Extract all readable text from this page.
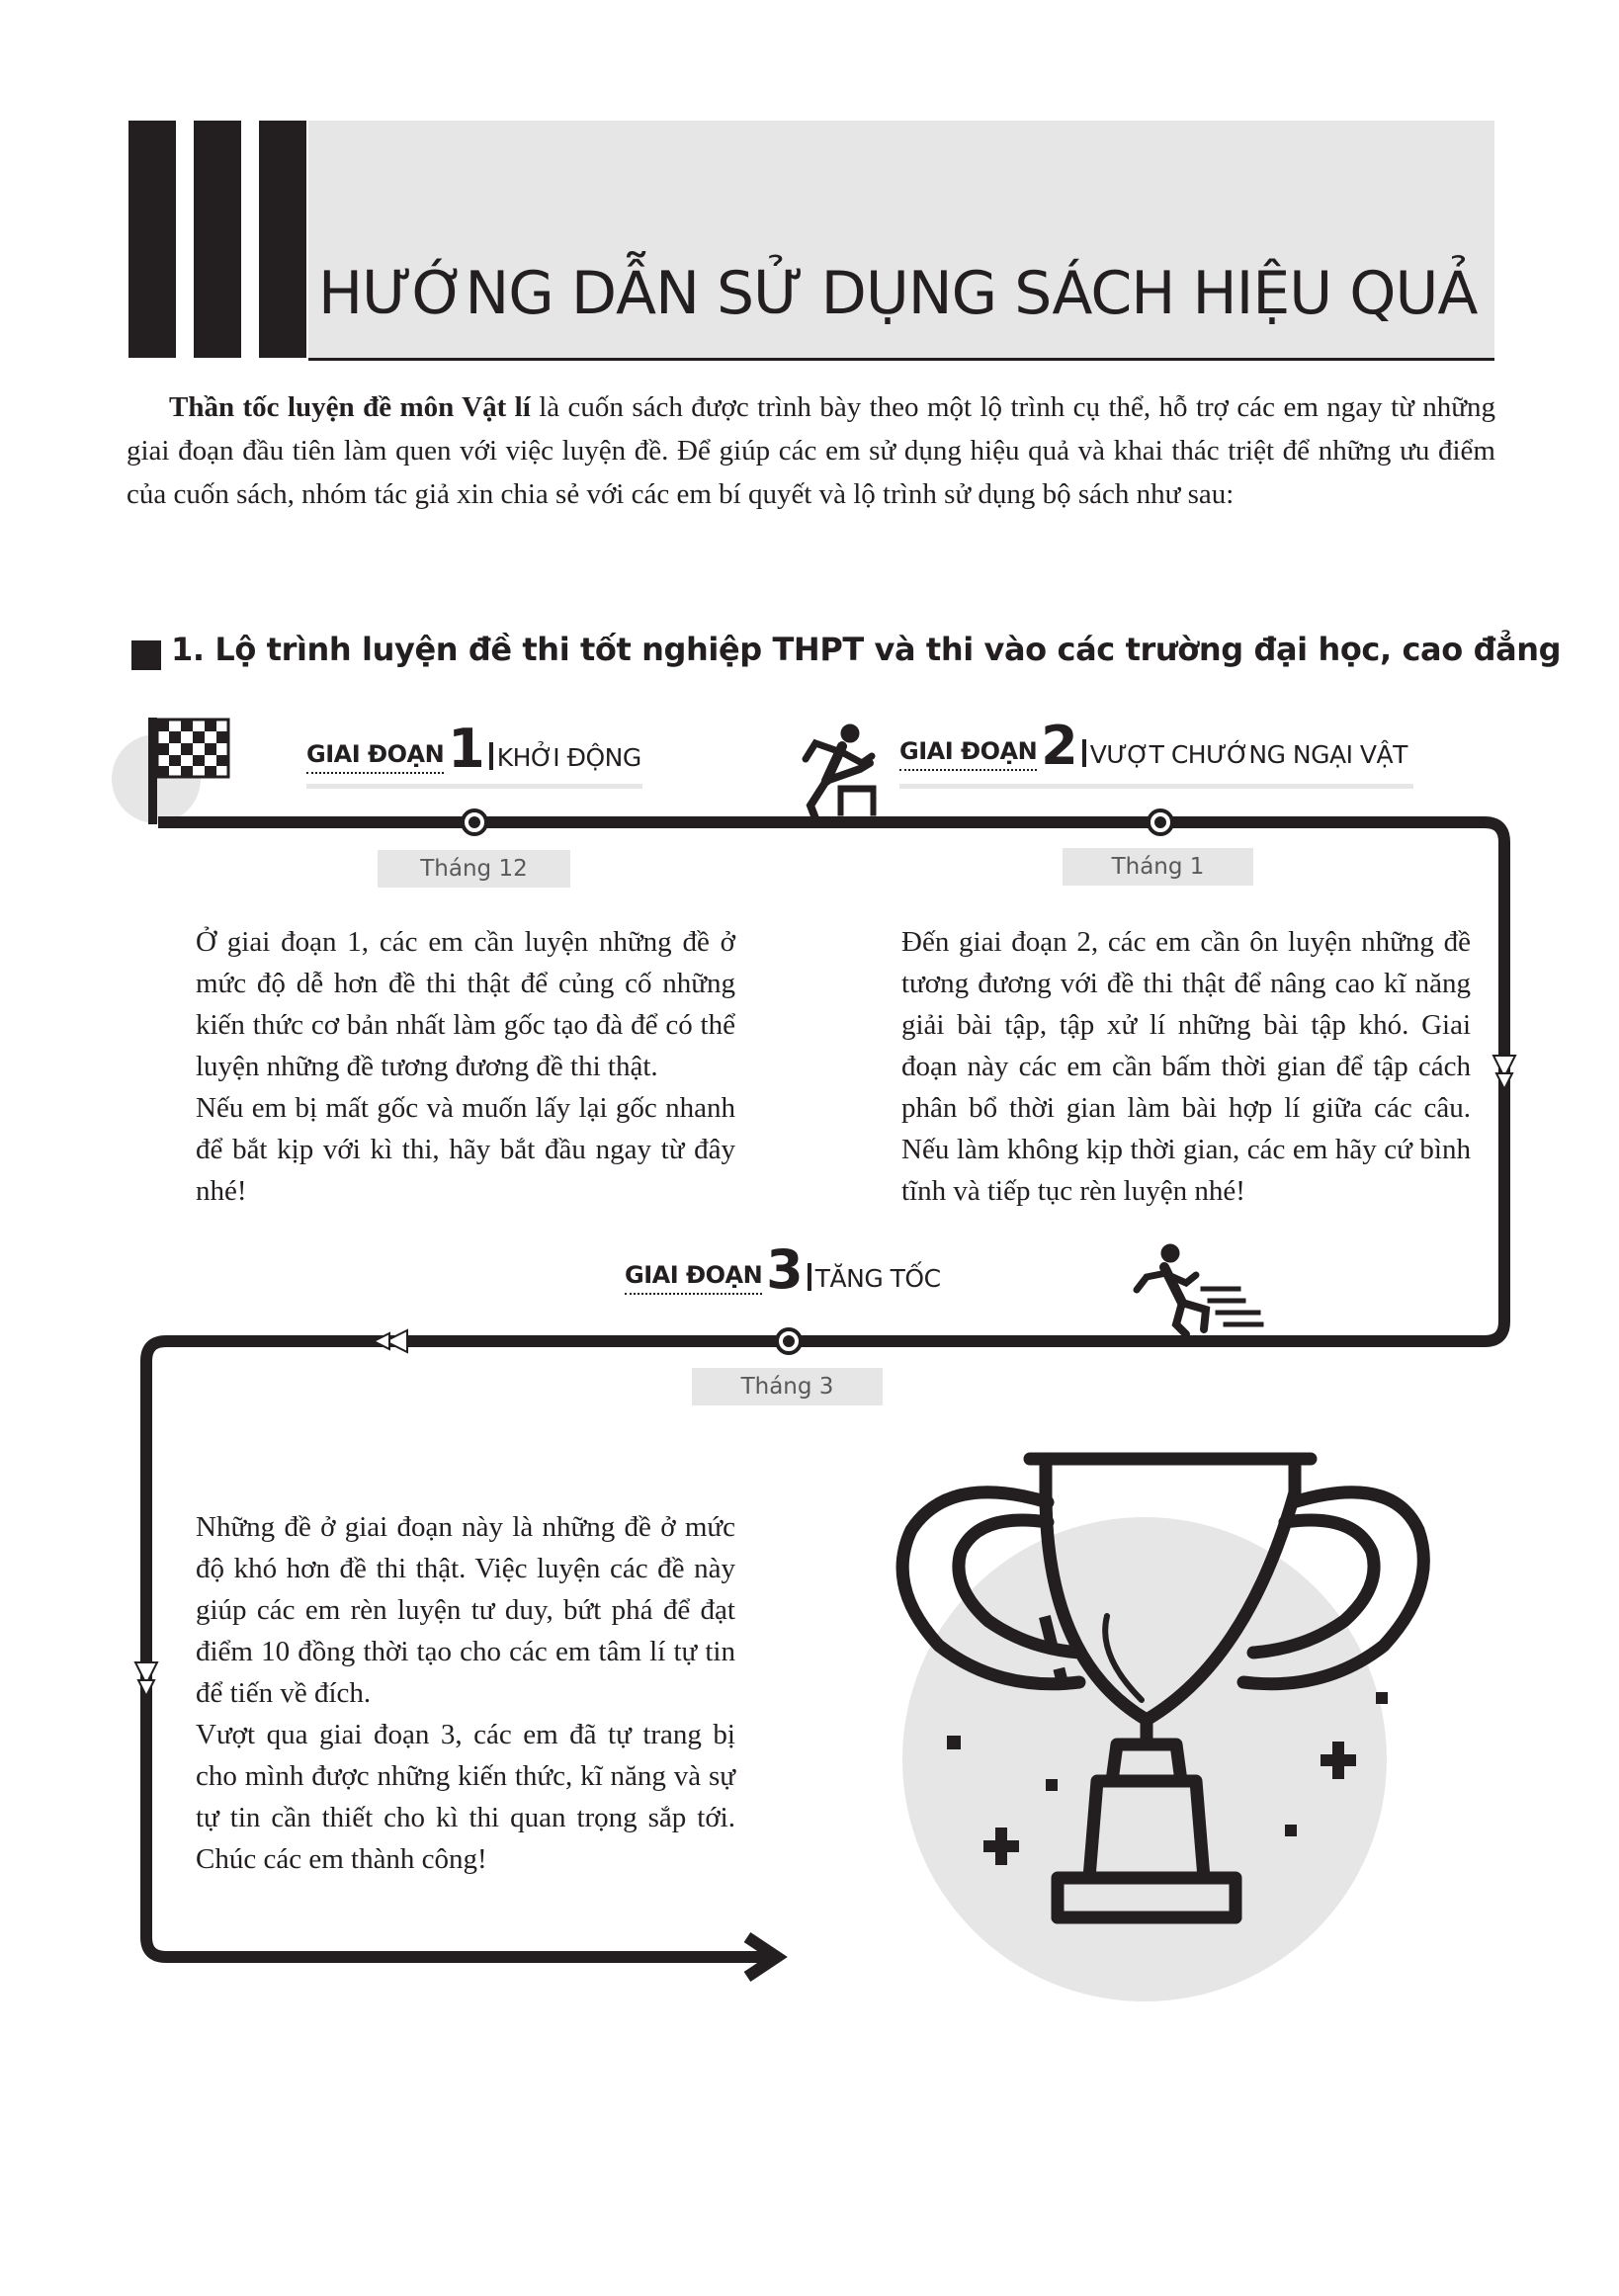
HƯỚNG DẪN SỬ DỤNG SÁCH HIỆU QUẢ
Thần tốc luyện đề môn Vật lí là cuốn sách được trình bày theo một lộ trình cụ thể, hỗ trợ các em ngay từ những giai đoạn đầu tiên làm quen với việc luyện đề. Để giúp các em sử dụng hiệu quả và khai thác triệt để những ưu điểm của cuốn sách, nhóm tác giả xin chia sẻ với các em bí quyết và lộ trình sử dụng bộ sách như sau:
1. Lộ trình luyện đề thi tốt nghiệp THPT và thi vào các trường đại học, cao đẳng
GIAI ĐOẠN 1 KHỞI ĐỘNG
Tháng 12
GIAI ĐOẠN 2 VƯỢT CHƯỚNG NGẠI VẬT
Tháng 1
GIAI ĐOẠN 3 TĂNG TỐC
Tháng 3

Ở giai đoạn 1, các em cần luyện những đề ở mức độ dễ hơn đề thi thật để củng cố những kiến thức cơ bản nhất làm gốc tạo đà để có thể luyện những đề tương đương đề thi thật.

Nếu em bị mất gốc và muốn lấy lại gốc nhanh để bắt kịp với kì thi, hãy bắt đầu ngay từ đây nhé!

Đến giai đoạn 2, các em cần ôn luyện những đề tương đương với đề thi thật để nâng cao kĩ năng giải bài tập, tập xử lí những bài tập khó. Giai đoạn này các em cần bấm thời gian để tập cách phân bổ thời gian làm bài hợp lí giữa các câu. Nếu làm không kịp thời gian, các em hãy cứ bình tĩnh và tiếp tục rèn luyện nhé!

Những đề ở giai đoạn này là những đề ở mức độ khó hơn đề thi thật. Việc luyện các đề này giúp các em rèn luyện tư duy, bứt phá để đạt điểm 10 đồng thời tạo cho các em tâm lí tự tin để tiến về đích.

Vượt qua giai đoạn 3, các em đã tự trang bị cho mình được những kiến thức, kĩ năng và sự tự tin cần thiết cho kì thi quan trọng sắp tới. Chúc các em thành công!
